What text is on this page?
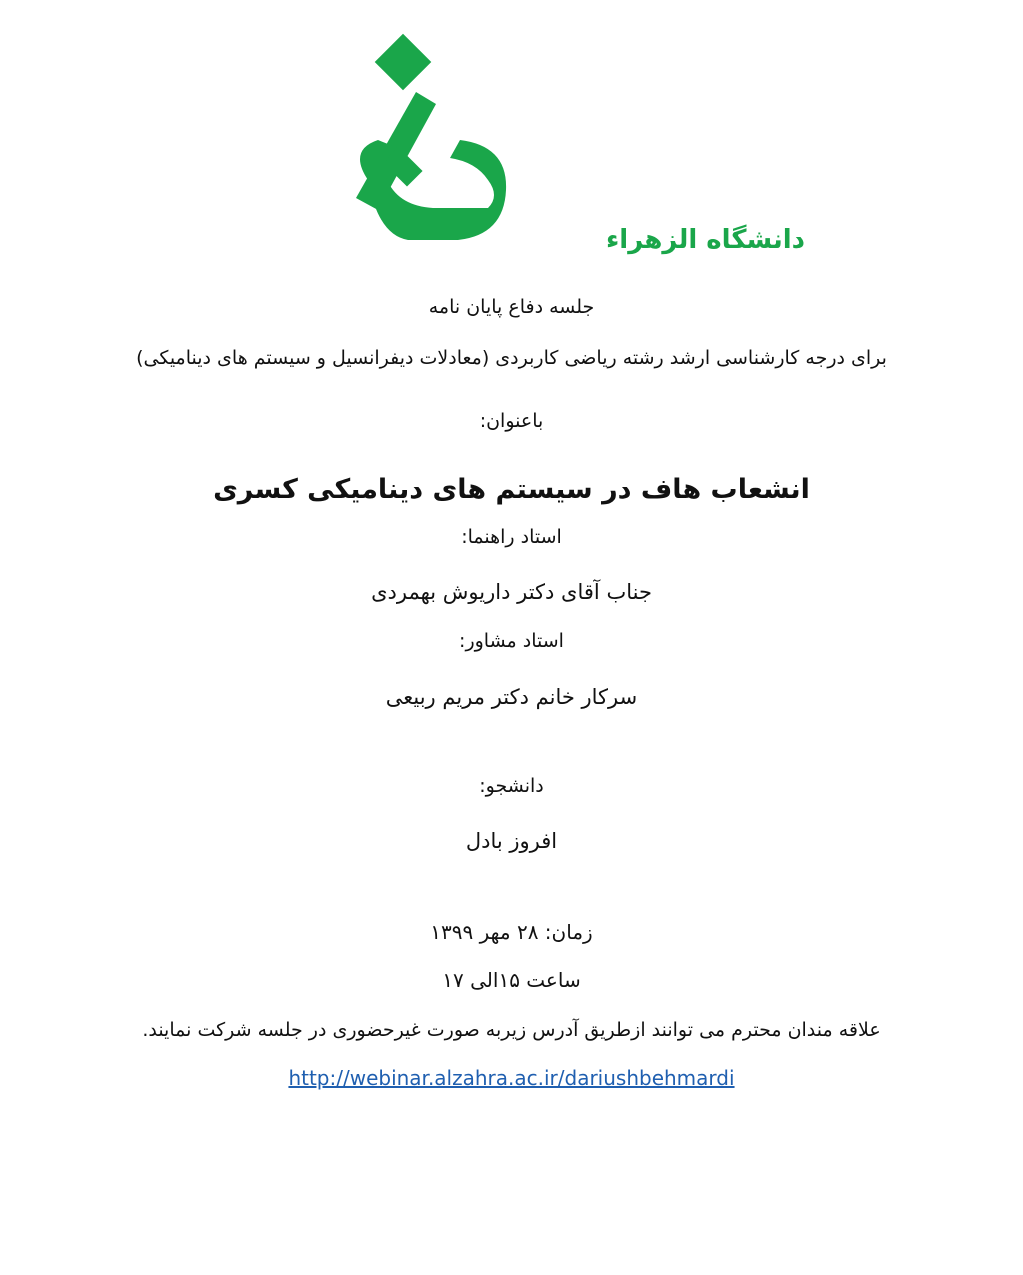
دانشگاه الزهراء
جلسه دفاع پایان نامه
برای درجه کارشناسی ارشد رشته ریاضی کاربردی (معادلات دیفرانسیل و سیستم های دینامیکی)
باعنوان:
انشعاب هاف در سیستم های دینامیکی کسری
استاد راهنما:
جناب آقای دکتر داریوش بهمردی
استاد مشاور:
سرکار خانم دکتر مریم ربیعی
دانشجو:
افروز بادل
زمان: ۲۸ مهر ۱۳۹۹
ساعت ۱۵الی ۱۷
علاقه مندان محترم می توانند ازطریق آدرس زیربه صورت غیرحضوری در جلسه شرکت نمایند.
http://webinar.alzahra.ac.ir/dariushbehmardi
